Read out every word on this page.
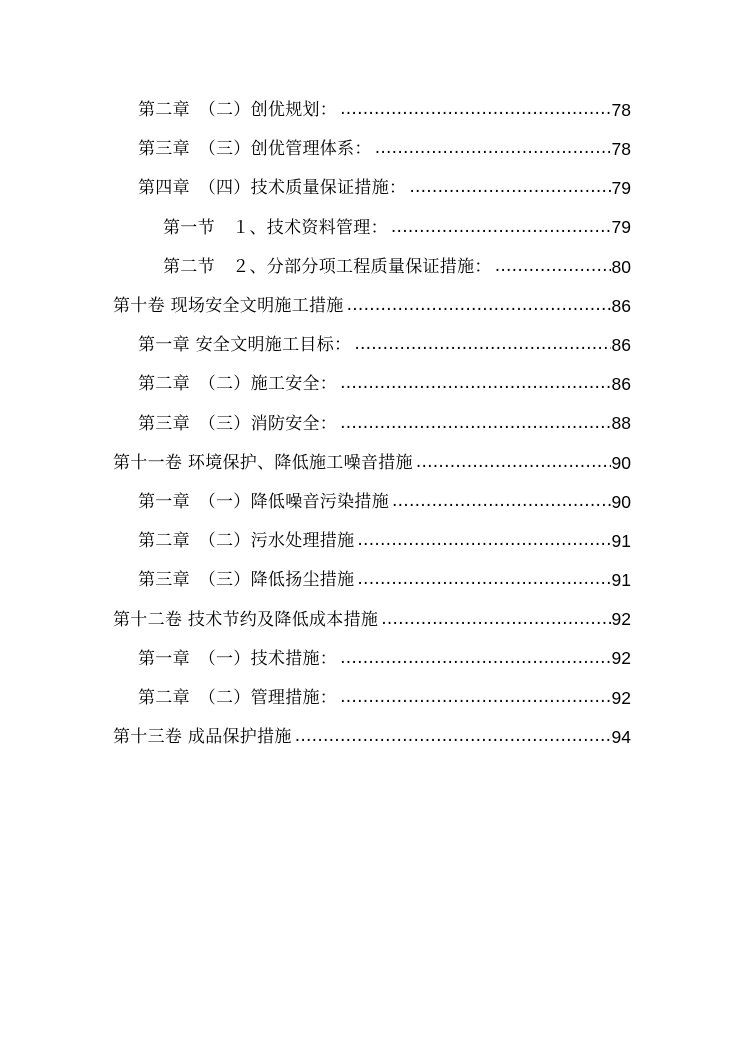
第二章　（二）创优规划： .....	78
第三章　（三）创优管理体系： .....	78
第四章　（四）技术质量保证措施： .....	79
第一节　１、技术资料管理： .....	79
第二节　２、分部分项工程质量保证措施： .....	80
第十卷 现场安全文明施工措施 .....	86
第一章 安全文明施工目标： .....	86
第二章　（二）施工安全： .....	86
第三章　（三）消防安全： .....	88
第十一卷 环境保护、降低施工噪音措施 .....	90
第一章　（一）降低噪音污染措施 .....	90
第二章　（二）污水处理措施 .....	91
第三章　（三）降低扬尘措施 .....	91
第十二卷 技术节约及降低成本措施 .....	92
第一章　（一）技术措施： .....	92
第二章　（二）管理措施： .....	92
第十三卷 成品保护措施 .....	94
